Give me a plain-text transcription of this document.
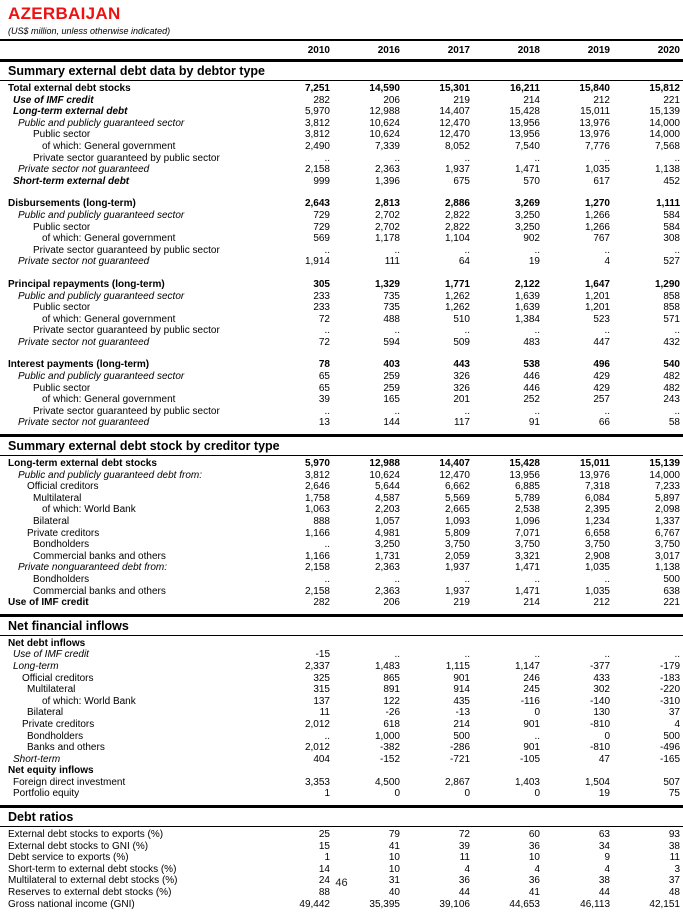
AZERBAIJAN
(US$ million, unless otherwise indicated)
2010	2016	2017	2018	2019	2020
Summary external debt data by debtor type
Total external debt stocks	7,251	14,590	15,301	16,211	15,840	15,812
Use of IMF credit	282	206	219	214	212	221
Long-term external debt	5,970	12,988	14,407	15,428	15,011	15,139
Public and publicly guaranteed sector	3,812	10,624	12,470	13,956	13,976	14,000
Public sector	3,812	10,624	12,470	13,956	13,976	14,000
of which: General government	2,490	7,339	8,052	7,540	7,776	7,568
Private sector guaranteed by public sector	..	..	..	..	..	..
Private sector not guaranteed	2,158	2,363	1,937	1,471	1,035	1,138
Short-term external debt	999	1,396	675	570	617	452
Disbursements (long-term)	2,643	2,813	2,886	3,269	1,270	1,111
Public and publicly guaranteed sector	729	2,702	2,822	3,250	1,266	584
Public sector	729	2,702	2,822	3,250	1,266	584
of which: General government	569	1,178	1,104	902	767	308
Private sector guaranteed by public sector	..	..	..	..	..	..
Private sector not guaranteed	1,914	111	64	19	4	527
Principal repayments (long-term)	305	1,329	1,771	2,122	1,647	1,290
Public and publicly guaranteed sector	233	735	1,262	1,639	1,201	858
Public sector	233	735	1,262	1,639	1,201	858
of which: General government	72	488	510	1,384	523	571
Private sector guaranteed by public sector	..	..	..	..	..	..
Private sector not guaranteed	72	594	509	483	447	432
Interest payments (long-term)	78	403	443	538	496	540
Public and publicly guaranteed sector	65	259	326	446	429	482
Public sector	65	259	326	446	429	482
of which: General government	39	165	201	252	257	243
Private sector guaranteed by public sector	..	..	..	..	..	..
Private sector not guaranteed	13	144	117	91	66	58
Summary external debt stock by creditor type
Long-term external debt stocks	5,970	12,988	14,407	15,428	15,011	15,139
Public and publicly guaranteed debt from:	3,812	10,624	12,470	13,956	13,976	14,000
Official creditors	2,646	5,644	6,662	6,885	7,318	7,233
Multilateral	1,758	4,587	5,569	5,789	6,084	5,897
of which: World Bank	1,063	2,203	2,665	2,538	2,395	2,098
Bilateral	888	1,057	1,093	1,096	1,234	1,337
Private creditors	1,166	4,981	5,809	7,071	6,658	6,767
Bondholders	..	3,250	3,750	3,750	3,750	3,750
Commercial banks and others	1,166	1,731	2,059	3,321	2,908	3,017
Private nonguaranteed debt from:	2,158	2,363	1,937	1,471	1,035	1,138
Bondholders	..	..	..	..	..	500
Commercial banks and others	2,158	2,363	1,937	1,471	1,035	638
Use of IMF credit	282	206	219	214	212	221
Net financial inflows
Net debt inflows
Use of IMF credit	-15	..	..	..	..	..
Long-term	2,337	1,483	1,115	1,147	-377	-179
Official creditors	325	865	901	246	433	-183
Multilateral	315	891	914	245	302	-220
of which: World Bank	137	122	435	-116	-140	-310
Bilateral	11	-26	-13	0	130	37
Private creditors	2,012	618	214	901	-810	4
Bondholders	..	1,000	500	..	0	500
Banks and others	2,012	-382	-286	901	-810	-496
Short-term	404	-152	-721	-105	47	-165
Net equity inflows
Foreign direct investment	3,353	4,500	2,867	1,403	1,504	507
Portfolio equity	1	0	0	0	19	75
Debt ratios
External debt stocks to exports (%)	25	79	72	60	63	93
External debt stocks to GNI (%)	15	41	39	36	34	38
Debt service to exports (%)	1	10	11	10	9	11
Short-term to external debt stocks (%)	14	10	4	4	4	3
Multilateral to external debt stocks (%)	24	31	36	36	38	37
Reserves to external debt stocks (%)	88	40	44	41	44	48
Gross national income (GNI)	49,442	35,395	39,106	44,653	46,113	42,151
46
